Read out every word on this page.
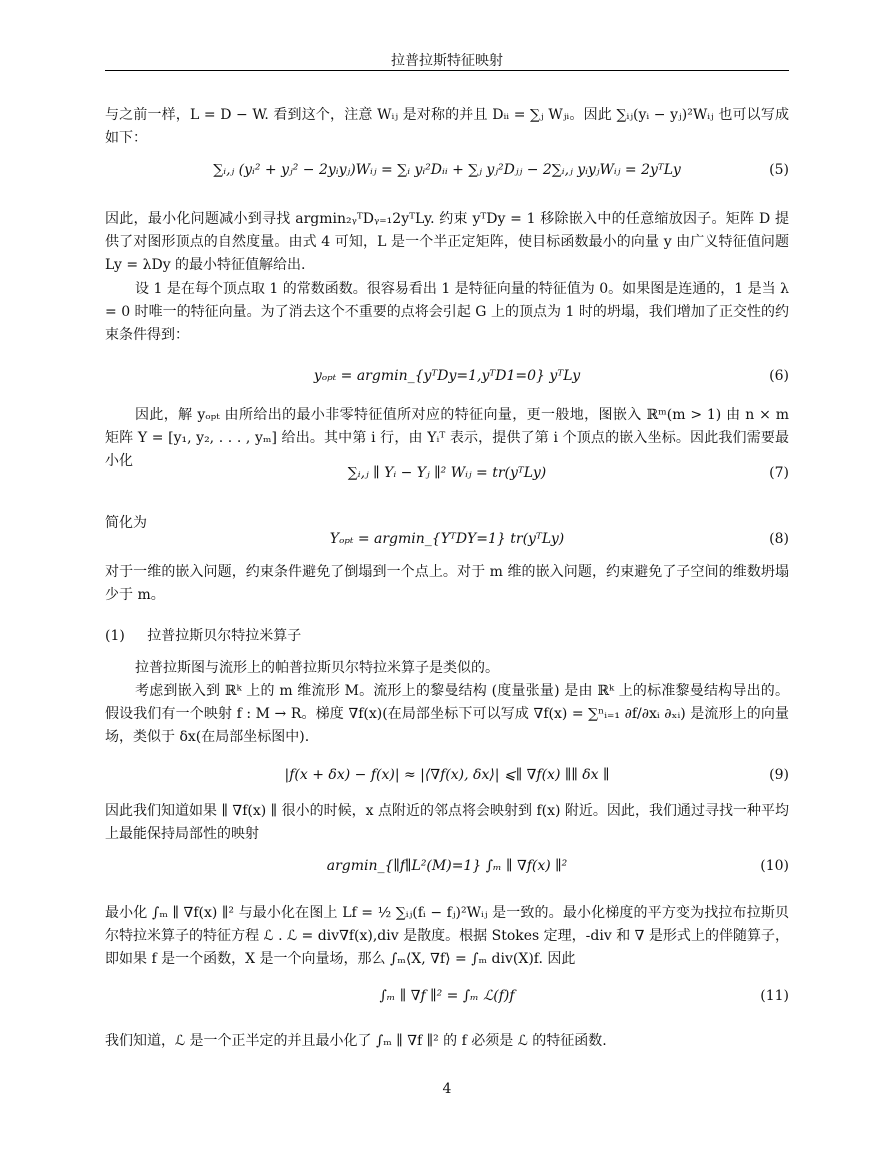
拉普拉斯特征映射

与之前一样，L = D − W. 看到这个，注意 Wᵢⱼ 是对称的并且 Dᵢᵢ = ∑ⱼ Wⱼᵢ。因此 ∑ᵢⱼ(yᵢ − yⱼ)²Wᵢⱼ 也可以写成如下：

∑ᵢ,ⱼ (yᵢ² + yⱼ² − 2yᵢyⱼ)Wᵢⱼ = ∑ᵢ yᵢ²Dᵢᵢ + ∑ⱼ yⱼ²Dⱼⱼ − 2∑ᵢ,ⱼ yᵢyⱼWᵢⱼ = 2yᵀLy	(5)

因此，最小化问题减小到寻找 argmin₂ᵧᵀDᵧ₌₁2yᵀLy. 约束 yᵀDy = 1 移除嵌入中的任意缩放因子。矩阵 D 提供了对图形顶点的自然度量。由式 4 可知，L 是一个半正定矩阵，使目标函数最小的向量 y 由广义特征值问题 Ly = λDy 的最小特征值解给出.

设 1 是在每个顶点取 1 的常数函数。很容易看出 1 是特征向量的特征值为 0。如果图是连通的，1 是当 λ = 0 时唯一的特征向量。为了消去这个不重要的点将会引起 G 上的顶点为 1 时的坍塌，我们增加了正交性的约束条件得到：

yₒₚₜ = argmin_{yᵀDy=1,yᵀD1=0} yᵀLy	(6)

因此，解 yₒₚₜ 由所给出的最小非零特征值所对应的特征向量，更一般地，图嵌入 ℝᵐ(m > 1) 由 n × m 矩阵 Y = [y₁, y₂, . . . , yₘ] 给出。其中第 i 行，由 Yᵢᵀ 表示，提供了第 i 个顶点的嵌入坐标。因此我们需要最小化

∑ᵢ,ⱼ ∥ Yᵢ − Yⱼ ∥² Wᵢⱼ = tr(yᵀLy)	(7)

简化为

Yₒₚₜ = argmin_{YᵀDY=1} tr(yᵀLy)	(8)

对于一维的嵌入问题，约束条件避免了倒塌到一个点上。对于 m 维的嵌入问题，约束避免了子空间的维数坍塌少于 m。

(1) 拉普拉斯贝尔特拉米算子

拉普拉斯图与流形上的帕普拉斯贝尔特拉米算子是类似的。

考虑到嵌入到 ℝᵏ 上的 m 维流形 M。流形上的黎曼结构 (度量张量) 是由 ℝᵏ 上的标准黎曼结构导出的。假设我们有一个映射 f : M → R。梯度 ∇f(x)(在局部坐标下可以写成 ∇f(x) = ∑ⁿᵢ₌₁ ∂f/∂xᵢ ∂ₓᵢ) 是流形上的向量场，类似于 δx(在局部坐标图中).

|f(x + δx) − f(x)| ≈ |⟨∇f(x), δx⟩| ⩽∥ ∇f(x) ∥∥ δx ∥	(9)

因此我们知道如果 ∥ ∇f(x) ∥ 很小的时候，x 点附近的邻点将会映射到 f(x) 附近。因此，我们通过寻找一种平均上最能保持局部性的映射

argmin_{∥f∥L²(M)=1} ∫ₘ ∥ ∇f(x) ∥²	(10)

最小化 ∫ₘ ∥ ∇f(x) ∥² 与最小化在图上 Lf = ½ ∑ᵢⱼ(fᵢ − fⱼ)²Wᵢⱼ 是一致的。最小化梯度的平方变为找拉布拉斯贝尔特拉米算子的特征方程 ℒ . ℒ = div∇f(x),div 是散度。根据 Stokes 定理，-div 和 ∇ 是形式上的伴随算子，即如果 f 是一个函数，X 是一个向量场，那么 ∫ₘ⟨X, ∇f⟩ = ∫ₘ div(X)f. 因此

∫ₘ ∥ ∇f ∥² = ∫ₘ ℒ(f)f	(11)

我们知道，ℒ 是一个正半定的并且最小化了 ∫ₘ ∥ ∇f ∥² 的 f 必须是 ℒ 的特征函数.

4
